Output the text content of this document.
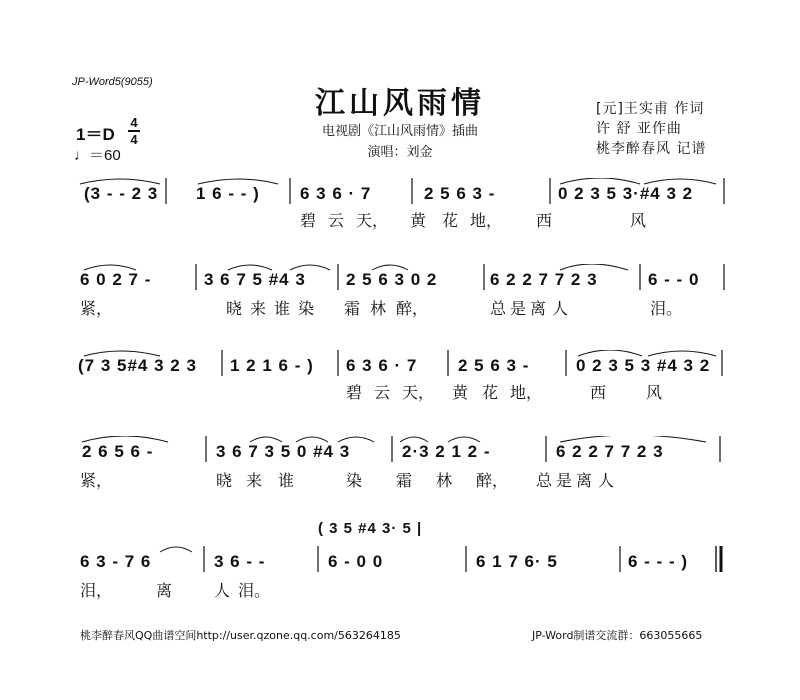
JP-Word5(9055)
江山风雨情
电视剧《江山风雨情》插曲
演唱：刘金
[元]王实甫 作词
许 舒 亚作曲
桃李醉春风 记谱
1＝D
4
4
♩＝60
(3 - - 2 3 1 6 - - ) 6 3 6 · 7	2 5 6 3 -	0 2 3 5 3·#4 3 2
碧 云 天， 黄 花 地， 西	风
6 0 2 7 -	3 6 7 5 #4 3 2 5 6 3 0 2	6 2 2 7 7 2 3	6 - - 0
紧，	晓 来 谁 染 霜 林 醉，	总 是 离 人	泪。
(7 3 5#4 3 2 3 1 2 1 6 - ) 6 3 6 · 7 2 5 6 3 -	0 2 3 5 3 #4 3 2
碧 云 天， 黄 花 地，	西 风
2 6 5 6 -	3 6 7 3 5 0 #4 3	2·3 2 1 2 -	6 2 2 7 7 2 3
紧，	晓 来 谁	染 霜 林 醉， 总 是 离 人
( 3 5 #4 3· 5 |
6 3 - 7 6	3 6 - -	6 - 0 0	6 1 7 6· 5	6 - - - )
泪，	离	人 泪。
桃李醉春风QQ曲谱空间http://user.qzone.qq.com/563264185	JP-Word制谱交流群：663055665
